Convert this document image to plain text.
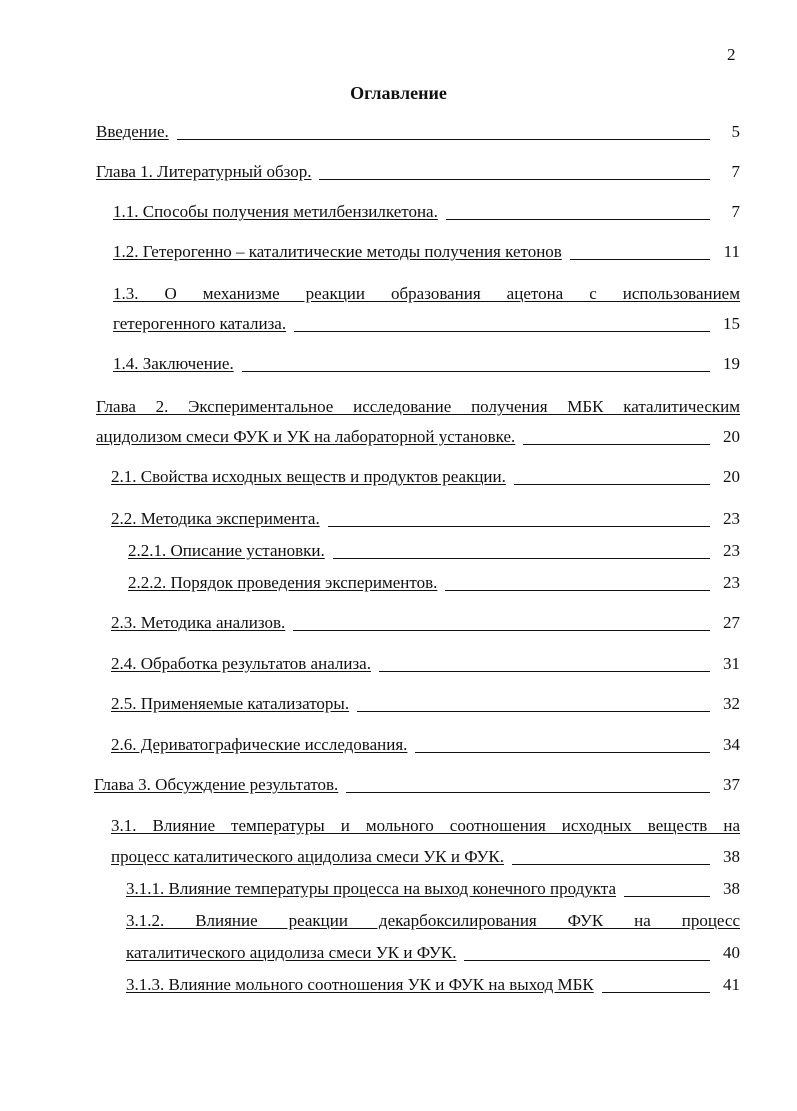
2
Оглавление
Введение.	5
Глава 1. Литературный обзор.	7
1.1. Способы получения метилбензилкетона.	7
1.2. Гетерогенно – каталитические методы получения кетонов	11
1.3. О механизме реакции образования ацетона с использованием
гетерогенного катализа.	15
1.4. Заключение.	19
Глава 2. Экспериментальное исследование получения МБК каталитическим
ацидолизом смеси ФУК и УК на лабораторной установке.	20
2.1. Свойства исходных веществ и продуктов реакции.	20
2.2. Методика эксперимента.	23
2.2.1. Описание установки.	23
2.2.2. Порядок проведения экспериментов.	23
2.3. Методика анализов.	27
2.4. Обработка результатов анализа.	31
2.5. Применяемые катализаторы.	32
2.6. Дериватографические исследования.	34
Глава 3. Обсуждение результатов.	37
3.1. Влияние температуры и мольного соотношения исходных веществ на
процесс каталитического ацидолиза смеси УК и ФУК.	38
3.1.1. Влияние температуры процесса на выход конечного продукта	38
3.1.2. Влияние реакции декарбоксилирования ФУК на процесс
каталитического ацидолиза смеси УК и ФУК.	40
3.1.3. Влияние мольного соотношения УК и ФУК на выход МБК	41
